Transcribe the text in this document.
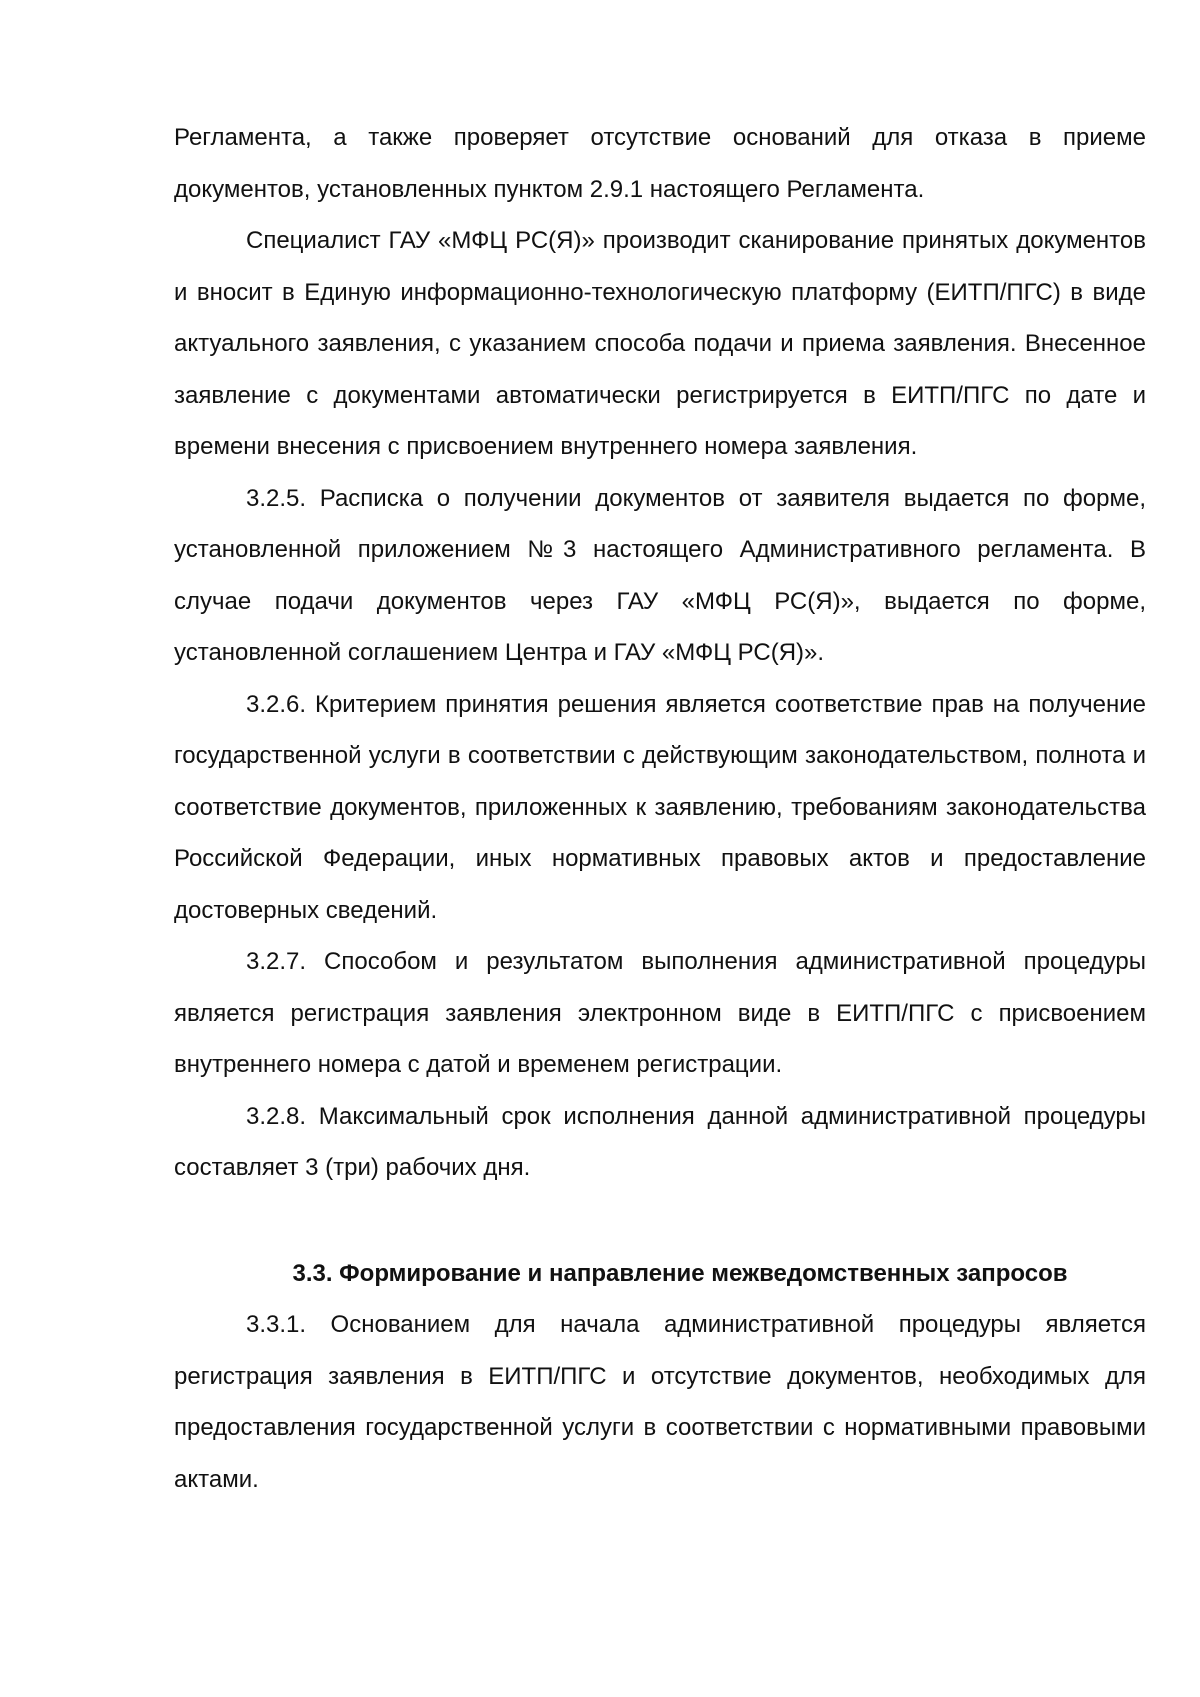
Регламента, а также проверяет отсутствие оснований для отказа в приеме документов, установленных пунктом 2.9.1 настоящего Регламента.

Специалист ГАУ «МФЦ РС(Я)» производит сканирование принятых документов и вносит в Единую информационно-технологическую платформу (ЕИТП/ПГС) в виде актуального заявления, с указанием способа подачи и приема заявления. Внесенное заявление с документами автоматически регистрируется в ЕИТП/ПГС по дате и времени внесения с присвоением внутреннего номера заявления.

3.2.5. Расписка о получении документов от заявителя выдается по форме, установленной приложением №3 настоящего Административного регламента. В случае подачи документов через ГАУ «МФЦ РС(Я)», выдается по форме, установленной соглашением Центра и ГАУ «МФЦ РС(Я)».

3.2.6. Критерием принятия решения является соответствие прав на получение государственной услуги в соответствии с действующим законодательством, полнота и соответствие документов, приложенных к заявлению, требованиям законодательства Российской Федерации, иных нормативных правовых актов и предоставление достоверных сведений.

3.2.7. Способом и результатом выполнения административной процедуры является регистрация заявления электронном виде в ЕИТП/ПГС с присвоением внутреннего номера с датой и временем регистрации.

3.2.8. Максимальный срок исполнения данной административной процедуры составляет 3 (три) рабочих дня.

3.3. Формирование и направление межведомственных запросов

3.3.1. Основанием для начала административной процедуры является регистрация заявления в ЕИТП/ПГС и отсутствие документов, необходимых для предоставления государственной услуги в соответствии с нормативными правовыми актами.
